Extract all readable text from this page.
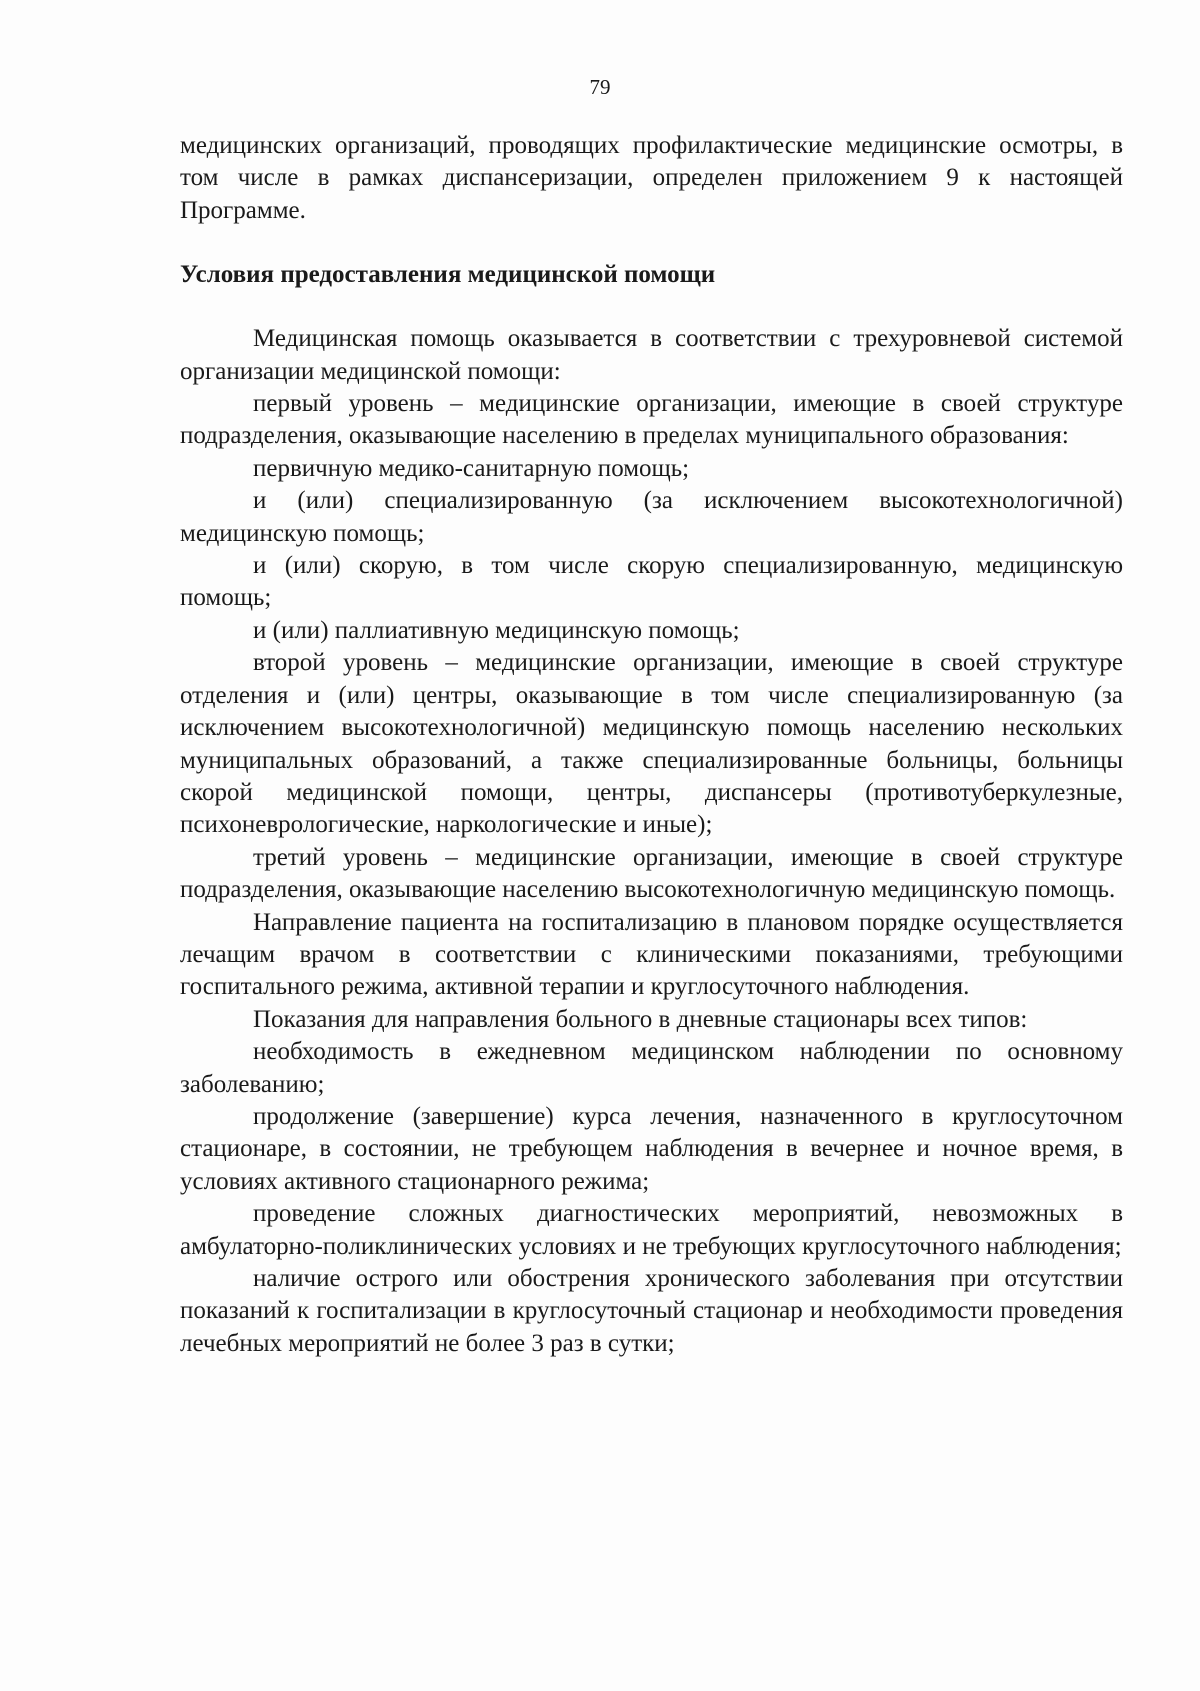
79

медицинских организаций, проводящих профилактические медицинские осмотры, в том числе в рамках диспансеризации, определен приложением 9 к настоящей Программе.

Условия предоставления медицинской помощи

Медицинская помощь оказывается в соответствии с трехуровневой системой организации медицинской помощи:

первый уровень – медицинские организации, имеющие в своей структуре подразделения, оказывающие населению в пределах муниципального образования:

первичную медико-санитарную помощь;

и (или) специализированную (за исключением высокотехнологичной) медицинскую помощь;

и (или) скорую, в том числе скорую специализированную, медицинскую помощь;

и (или) паллиативную медицинскую помощь;

второй уровень – медицинские организации, имеющие в своей структуре отделения и (или) центры, оказывающие в том числе специализированную (за исключением высокотехнологичной) медицинскую помощь населению нескольких муниципальных образований, а также специализированные больницы, больницы скорой медицинской помощи, центры, диспансеры (противотуберкулезные, психоневрологические, наркологические и иные);

третий уровень – медицинские организации, имеющие в своей структуре подразделения, оказывающие населению высокотехнологичную медицинскую помощь.

Направление пациента на госпитализацию в плановом порядке осуществляется лечащим врачом в соответствии с клиническими показаниями, требующими госпитального режима, активной терапии и круглосуточного наблюдения.

Показания для направления больного в дневные стационары всех типов:

необходимость в ежедневном медицинском наблюдении по основному заболеванию;

продолжение (завершение) курса лечения, назначенного в круглосуточном стационаре, в состоянии, не требующем наблюдения в вечернее и ночное время, в условиях активного стационарного режима;

проведение сложных диагностических мероприятий, невозможных в амбулаторно-поликлинических условиях и не требующих круглосуточного наблюдения;

наличие острого или обострения хронического заболевания при отсутствии показаний к госпитализации в круглосуточный стационар и необходимости проведения лечебных мероприятий не более 3 раз в сутки;
